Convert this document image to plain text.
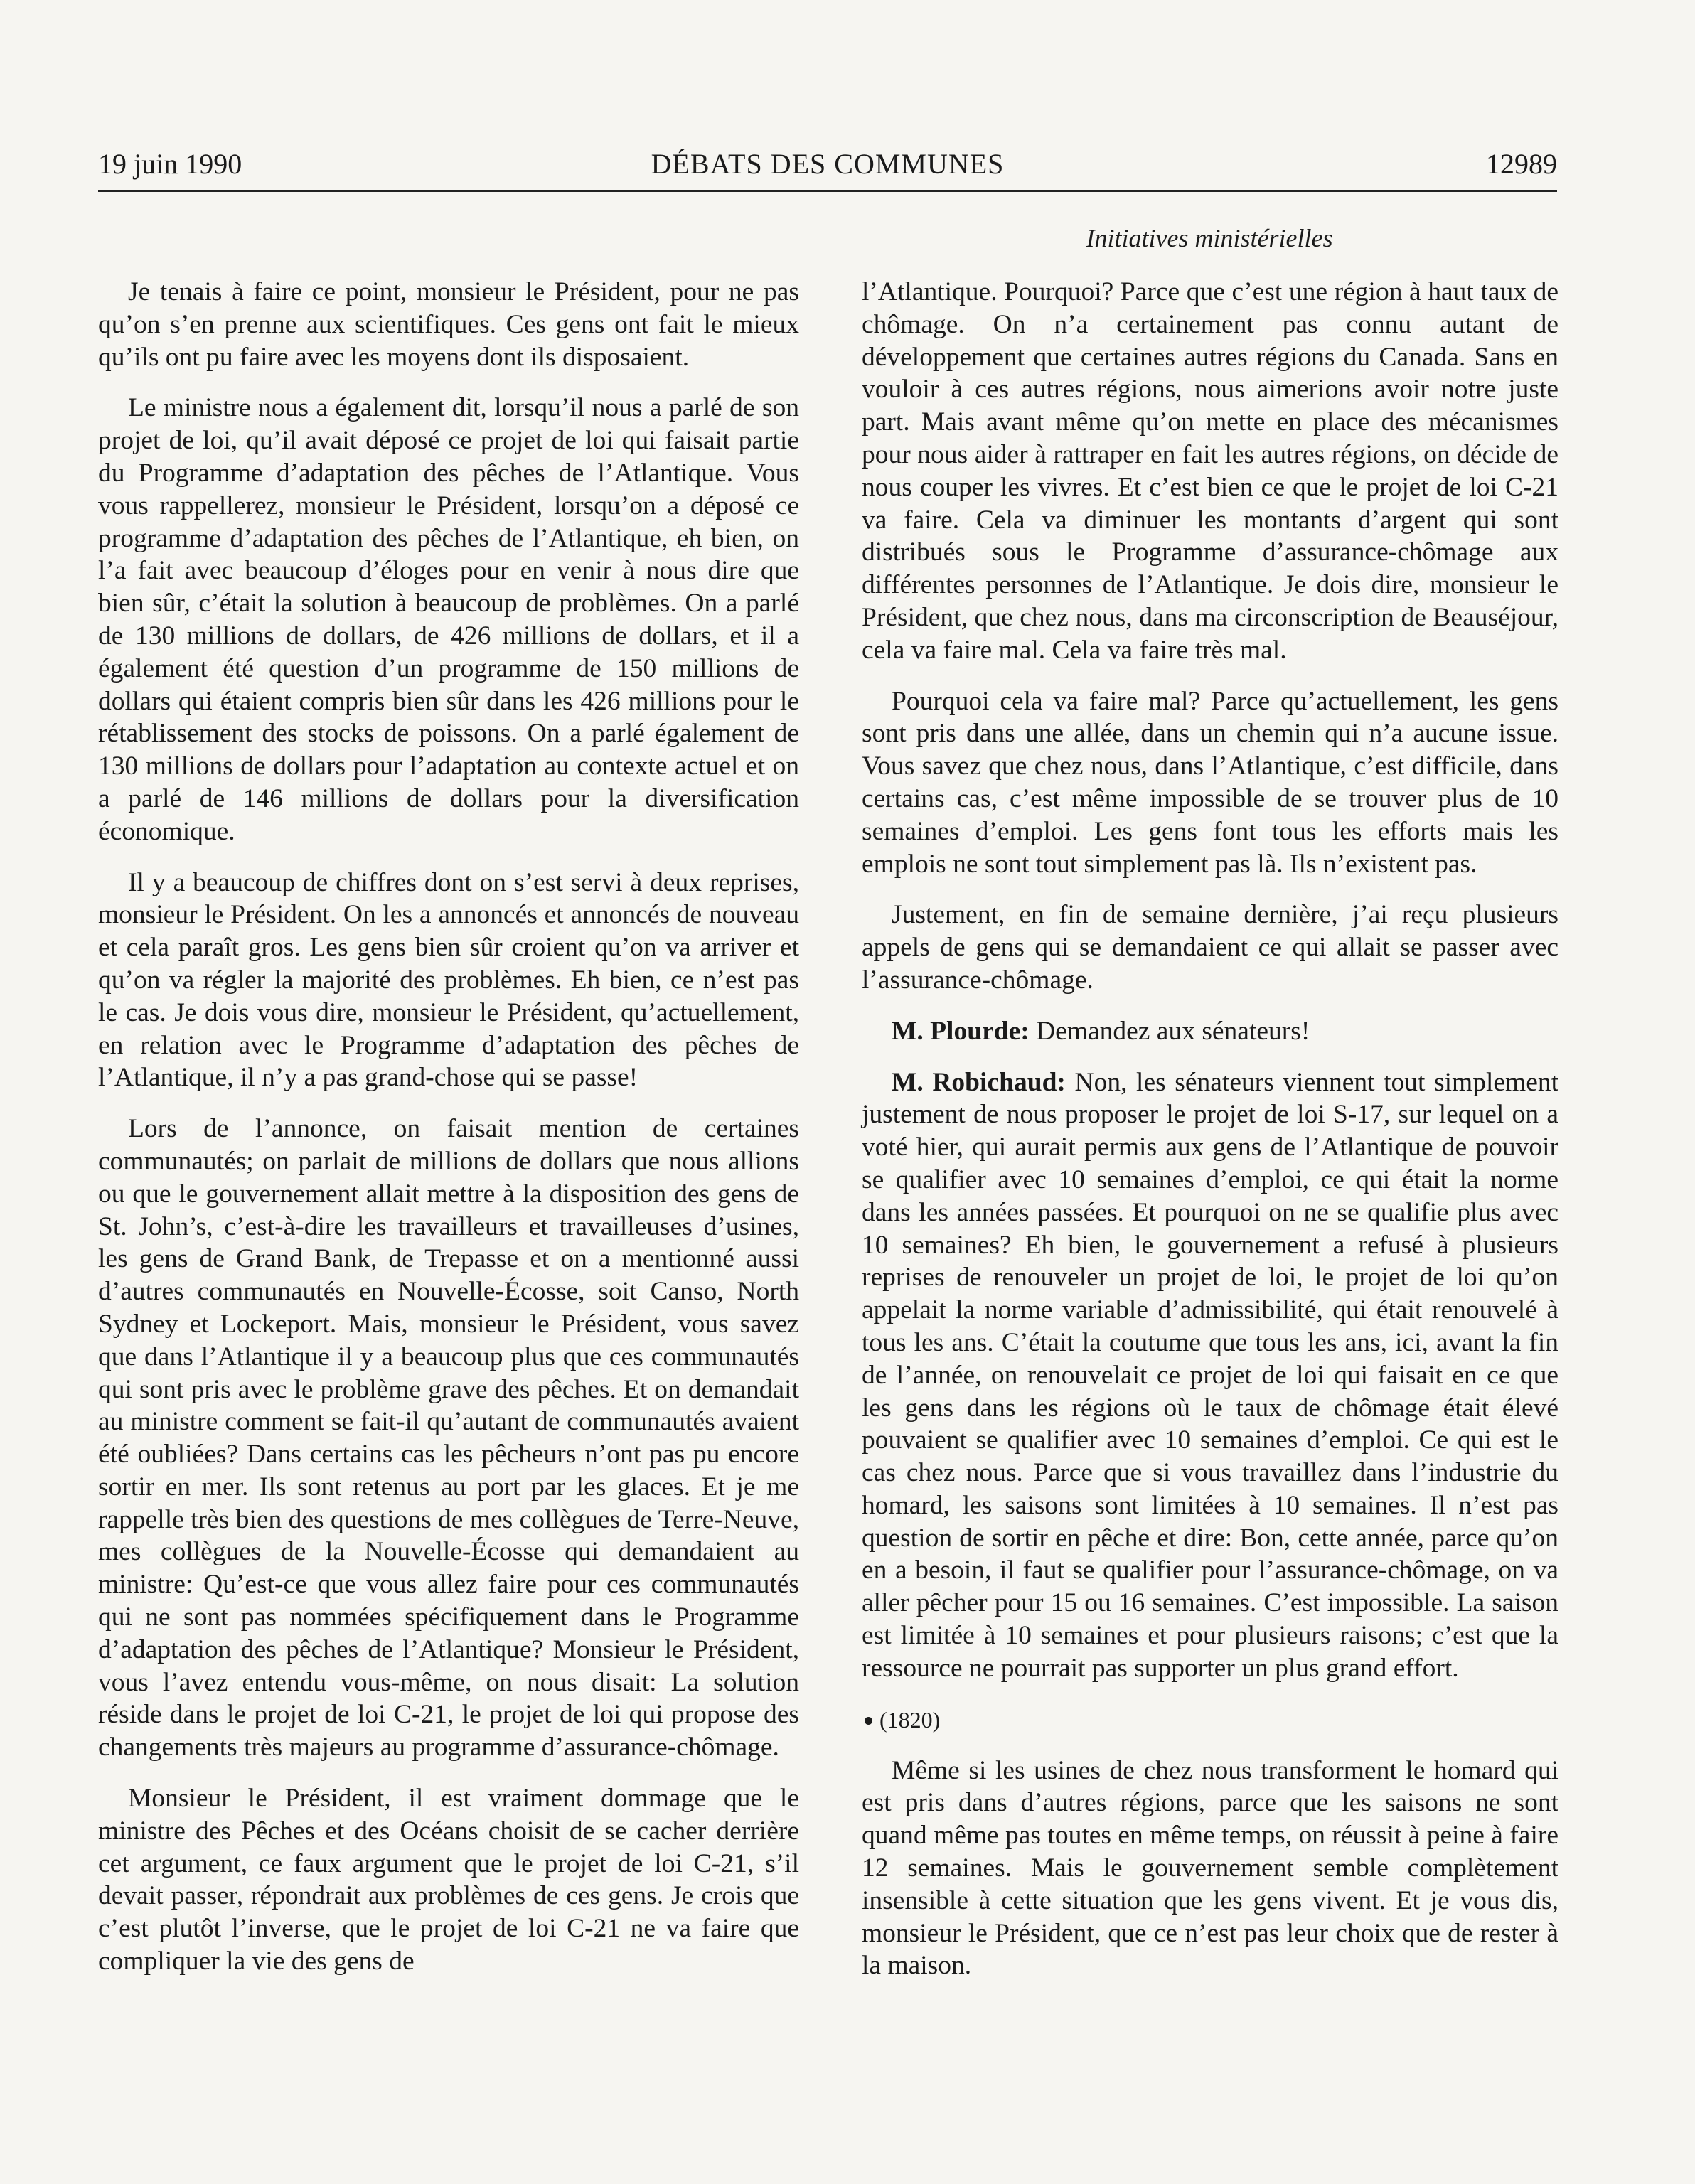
19 juin 1990	DÉBATS DES COMMUNES	12989
Initiatives ministérielles

Je tenais à faire ce point, monsieur le Président, pour ne pas qu’on s’en prenne aux scientifiques. Ces gens ont fait le mieux qu’ils ont pu faire avec les moyens dont ils disposaient.

Le ministre nous a également dit, lorsqu’il nous a parlé de son projet de loi, qu’il avait déposé ce projet de loi qui faisait partie du Programme d’adaptation des pêches de l’Atlantique. Vous vous rappellerez, monsieur le Président, lorsqu’on a déposé ce programme d’adaptation des pêches de l’Atlantique, eh bien, on l’a fait avec beaucoup d’éloges pour en venir à nous dire que bien sûr, c’était la solution à beaucoup de problèmes. On a parlé de 130 millions de dollars, de 426 millions de dollars, et il a également été question d’un programme de 150 millions de dollars qui étaient compris bien sûr dans les 426 millions pour le rétablissement des stocks de poissons. On a parlé également de 130 millions de dollars pour l’adaptation au contexte actuel et on a parlé de 146 millions de dollars pour la diversification économique.

Il y a beaucoup de chiffres dont on s’est servi à deux reprises, monsieur le Président. On les a annoncés et annoncés de nouveau et cela paraît gros. Les gens bien sûr croient qu’on va arriver et qu’on va régler la majorité des problèmes. Eh bien, ce n’est pas le cas. Je dois vous dire, monsieur le Président, qu’actuellement, en relation avec le Programme d’adaptation des pêches de l’Atlantique, il n’y a pas grand-chose qui se passe!

Lors de l’annonce, on faisait mention de certaines communautés; on parlait de millions de dollars que nous allions ou que le gouvernement allait mettre à la disposition des gens de St. John’s, c’est-à-dire les travailleurs et travailleuses d’usines, les gens de Grand Bank, de Trepasse et on a mentionné aussi d’autres communautés en Nouvelle-Écosse, soit Canso, North Sydney et Lockeport. Mais, monsieur le Président, vous savez que dans l’Atlantique il y a beaucoup plus que ces communautés qui sont pris avec le problème grave des pêches. Et on demandait au ministre comment se fait-il qu’autant de communautés avaient été oubliées? Dans certains cas les pêcheurs n’ont pas pu encore sortir en mer. Ils sont retenus au port par les glaces. Et je me rappelle très bien des questions de mes collègues de Terre-Neuve, mes collègues de la Nouvelle-Écosse qui demandaient au ministre: Qu’est-ce que vous allez faire pour ces communautés qui ne sont pas nommées spécifiquement dans le Programme d’adaptation des pêches de l’Atlantique? Monsieur le Président, vous l’avez entendu vous-même, on nous disait: La solution réside dans le projet de loi C-21, le projet de loi qui propose des changements très majeurs au programme d’assurance-chômage.

Monsieur le Président, il est vraiment dommage que le ministre des Pêches et des Océans choisit de se cacher derrière cet argument, ce faux argument que le projet de loi C-21, s’il devait passer, répondrait aux problèmes de ces gens. Je crois que c’est plutôt l’inverse, que le projet de loi C-21 ne va faire que compliquer la vie des gens de

l’Atlantique. Pourquoi? Parce que c’est une région à haut taux de chômage. On n’a certainement pas connu autant de développement que certaines autres régions du Canada. Sans en vouloir à ces autres régions, nous aimerions avoir notre juste part. Mais avant même qu’on mette en place des mécanismes pour nous aider à rattraper en fait les autres régions, on décide de nous couper les vivres. Et c’est bien ce que le projet de loi C-21 va faire. Cela va diminuer les montants d’argent qui sont distribués sous le Programme d’assurance-chômage aux différentes personnes de l’Atlantique. Je dois dire, monsieur le Président, que chez nous, dans ma circonscription de Beauséjour, cela va faire mal. Cela va faire très mal.

Pourquoi cela va faire mal? Parce qu’actuellement, les gens sont pris dans une allée, dans un chemin qui n’a aucune issue. Vous savez que chez nous, dans l’Atlantique, c’est difficile, dans certains cas, c’est même impossible de se trouver plus de 10 semaines d’emploi. Les gens font tous les efforts mais les emplois ne sont tout simplement pas là. Ils n’existent pas.

Justement, en fin de semaine dernière, j’ai reçu plusieurs appels de gens qui se demandaient ce qui allait se passer avec l’assurance-chômage.

M. Plourde: Demandez aux sénateurs!

M. Robichaud: Non, les sénateurs viennent tout simplement justement de nous proposer le projet de loi S-17, sur lequel on a voté hier, qui aurait permis aux gens de l’Atlantique de pouvoir se qualifier avec 10 semaines d’emploi, ce qui était la norme dans les années passées. Et pourquoi on ne se qualifie plus avec 10 semaines? Eh bien, le gouvernement a refusé à plusieurs reprises de renouveler un projet de loi, le projet de loi qu’on appelait la norme variable d’admissibilité, qui était renouvelé à tous les ans. C’était la coutume que tous les ans, ici, avant la fin de l’année, on renouvelait ce projet de loi qui faisait en ce que les gens dans les régions où le taux de chômage était élevé pouvaient se qualifier avec 10 semaines d’emploi. Ce qui est le cas chez nous. Parce que si vous travaillez dans l’industrie du homard, les saisons sont limitées à 10 semaines. Il n’est pas question de sortir en pêche et dire: Bon, cette année, parce qu’on en a besoin, il faut se qualifier pour l’assurance-chômage, on va aller pêcher pour 15 ou 16 semaines. C’est impossible. La saison est limitée à 10 semaines et pour plusieurs raisons; c’est que la ressource ne pourrait pas supporter un plus grand effort.

(1820)

Même si les usines de chez nous transforment le homard qui est pris dans d’autres régions, parce que les saisons ne sont quand même pas toutes en même temps, on réussit à peine à faire 12 semaines. Mais le gouvernement semble complètement insensible à cette situation que les gens vivent. Et je vous dis, monsieur le Président, que ce n’est pas leur choix que de rester à la maison.
